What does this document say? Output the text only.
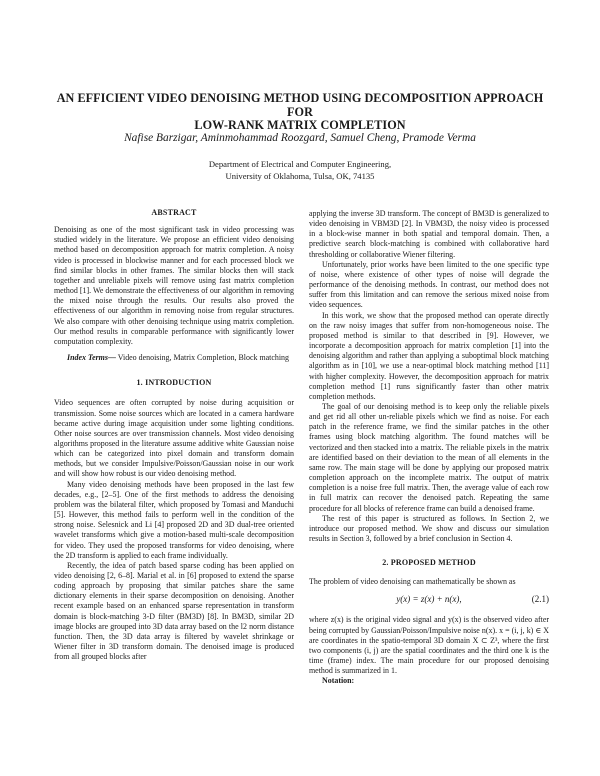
AN EFFICIENT VIDEO DENOISING METHOD USING DECOMPOSITION APPROACH FOR
LOW-RANK MATRIX COMPLETION
Nafise Barzigar, Aminmohammad Roozgard, Samuel Cheng, Pramode Verma
Department of Electrical and Computer Engineering,
University of Oklahoma, Tulsa, OK, 74135
ABSTRACT

Denoising as one of the most significant task in video processing was studied widely in the literature. We propose an efficient video denoising method based on decomposition approach for matrix completion. A noisy video is processed in blockwise manner and for each processed block we find similar blocks in other frames. The similar blocks then will stack together and unreliable pixels will remove using fast matrix completion method [1]. We demonstrate the effectiveness of our algorithm in removing the mixed noise through the results. Our results also proved the effectiveness of our algorithm in removing noise from regular structures. We also compare with other denoising technique using matrix completion. Our method results in comparable performance with significantly lower computation complexity.

Index Terms— Video denoising, Matrix Completion, Block matching

1. INTRODUCTION

Video sequences are often corrupted by noise during acquisition or transmission. Some noise sources which are located in a camera hardware became active during image acquisition under some lighting conditions. Other noise sources are over transmission channels. Most video denoising algorithms proposed in the literature assume additive white Gaussian noise which can be categorized into pixel domain and transform domain methods, but we consider Impulsive/Poisson/Gaussian noise in our work and will show how robust is our video denoising method.

Many video denoising methods have been proposed in the last few decades, e.g., [2–5]. One of the first methods to address the denoising problem was the bilateral filter, which proposed by Tomasi and Manduchi [5]. However, this method fails to perform well in the condition of the strong noise. Selesnick and Li [4] proposed 2D and 3D dual-tree oriented wavelet transforms which give a motion-based multi-scale decomposition for video. They used the proposed transforms for video denoising, where the 2D transform is applied to each frame individually.

Recently, the idea of patch based sparse coding has been applied on video denoising [2, 6–8]. Marial et al. in [6] proposed to extend the sparse coding approach by proposing that similar patches share the same dictionary elements in their sparse decomposition on denoising. Another recent example based on an enhanced sparse representation in transform domain is block-matching 3-D filter (BM3D) [8]. In BM3D, similar 2D image blocks are grouped into 3D data array based on the l2 norm distance function. Then, the 3D data array is filtered by wavelet shrinkage or Wiener filter in 3D transform domain. The denoised image is produced from all grouped blocks after

applying the inverse 3D transform. The concept of BM3D is generalized to video denoising in VBM3D [2]. In VBM3D, the noisy video is processed in a block-wise manner in both spatial and temporal domain. Then, a predictive search block-matching is combined with collaborative hard thresholding or collaborative Wiener filtering.

Unfortunately, prior works have been limited to the one specific type of noise, where existence of other types of noise will degrade the performance of the denoising methods. In contrast, our method does not suffer from this limitation and can remove the serious mixed noise from video sequences.

In this work, we show that the proposed method can operate directly on the raw noisy images that suffer from non-homogeneous noise. The proposed method is similar to that described in [9]. However, we incorporate a decomposition approach for matrix completion [1] into the denoising algorithm and rather than applying a suboptimal block matching algorithm as in [10], we use a near-optimal block matching method [11] with higher complexity. However, the decomposition approach for matrix completion method [1] runs significantly faster than other matrix completion methods.

The goal of our denoising method is to keep only the reliable pixels and get rid all other un-reliable pixels which we find as noise. For each patch in the reference frame, we find the similar patches in the other frames using block matching algorithm. The found matches will be vectorized and then stacked into a matrix. The reliable pixels in the matrix are identified based on their deviation to the mean of all elements in the same row. The main stage will be done by applying our proposed matrix completion approach on the incomplete matrix. The output of matrix completion is a noise free full matrix. Then, the average value of each row in full matrix can recover the denoised patch. Repeating the same procedure for all blocks of reference frame can build a denoised frame.

The rest of this paper is structured as follows. In Section 2, we introduce our proposed method. We show and discuss our simulation results in Section 3, followed by a brief conclusion in Section 4.

2. PROPOSED METHOD

The problem of video denoising can mathematically be shown as

y(x) = z(x) + n(x),	(2.1)

where z(x) is the original video signal and y(x) is the observed video after being corrupted by Gaussian/Poisson/Impulsive noise n(x). x = (i, j, k) ∈ X are coordinates in the spatio-temporal 3D domain X ⊂ Z³, where the first two components (i, j) are the spatial coordinates and the third one k is the time (frame) index. The main procedure for our proposed denoising method is summarized in 1.

Notation:
